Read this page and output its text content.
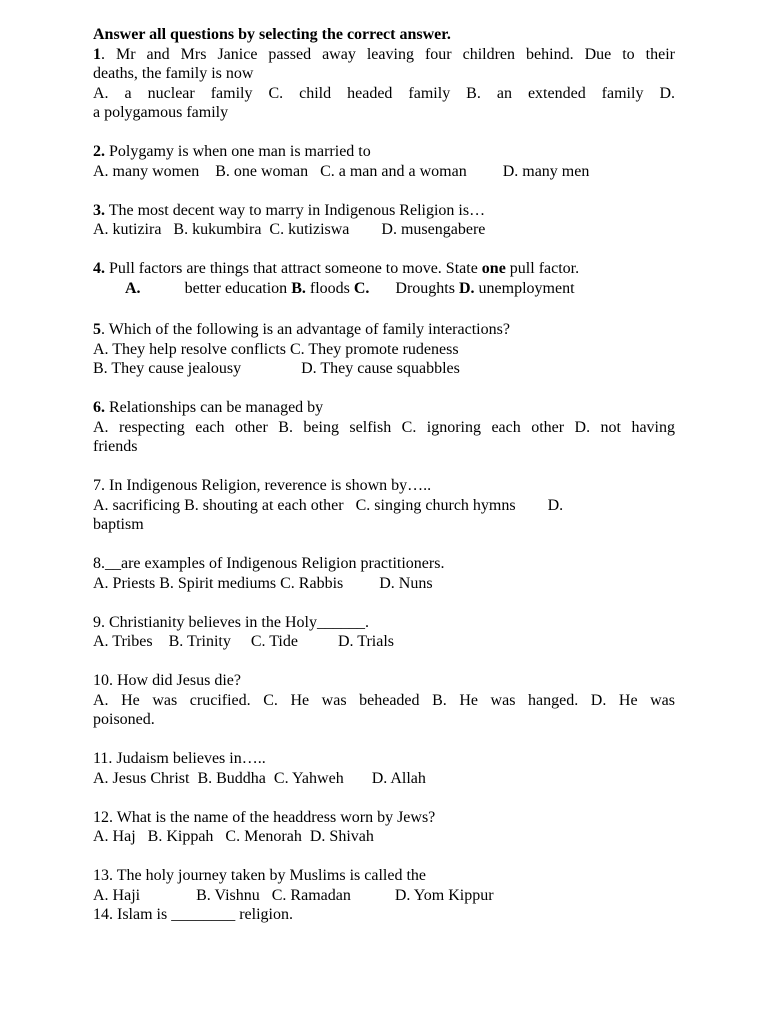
Answer all questions by selecting the correct answer.
1. Mr and Mrs Janice passed away leaving four children behind. Due to their
deaths, the family is now
A. a nuclear family C. child headed family B. an extended family D.
a polygamous family
2. Polygamy is when one man is married to
A. many women    B. one woman   C. a man and a woman         D. many men
3. The most decent way to marry in Indigenous Religion is…
A. kutizira   B. kukumbira  C. kutiziswa        D. musengabere
4. Pull factors are things that attract someone to move. State one pull factor.
A.	better education B. floods C. Droughts D. unemployment
5. Which of the following is an advantage of family interactions?
A. They help resolve conflicts C. They promote rudeness
B. They cause jealousy               D. They cause squabbles
6. Relationships can be managed by
A. respecting each other B. being selfish C. ignoring each other D. not having
friends
7. In Indigenous Religion, reverence is shown by…..
A. sacrificing B. shouting at each other   C. singing church hymns        D.
baptism
8.__are examples of Indigenous Religion practitioners.
A. Priests B. Spirit mediums C. Rabbis         D. Nuns
9. Christianity believes in the Holy______.
A. Tribes    B. Trinity     C. Tide          D. Trials
10. How did Jesus die?
A. He was crucified. C. He was beheaded B. He was hanged. D. He was
poisoned.
11. Judaism believes in…..
A. Jesus Christ  B. Buddha  C. Yahweh       D. Allah
12. What is the name of the headdress worn by Jews?
A. Haj   B. Kippah   C. Menorah  D. Shivah
13. The holy journey taken by Muslims is called the
A. Haji              B. Vishnu   C. Ramadan           D. Yom Kippur
14. Islam is ________ religion.
